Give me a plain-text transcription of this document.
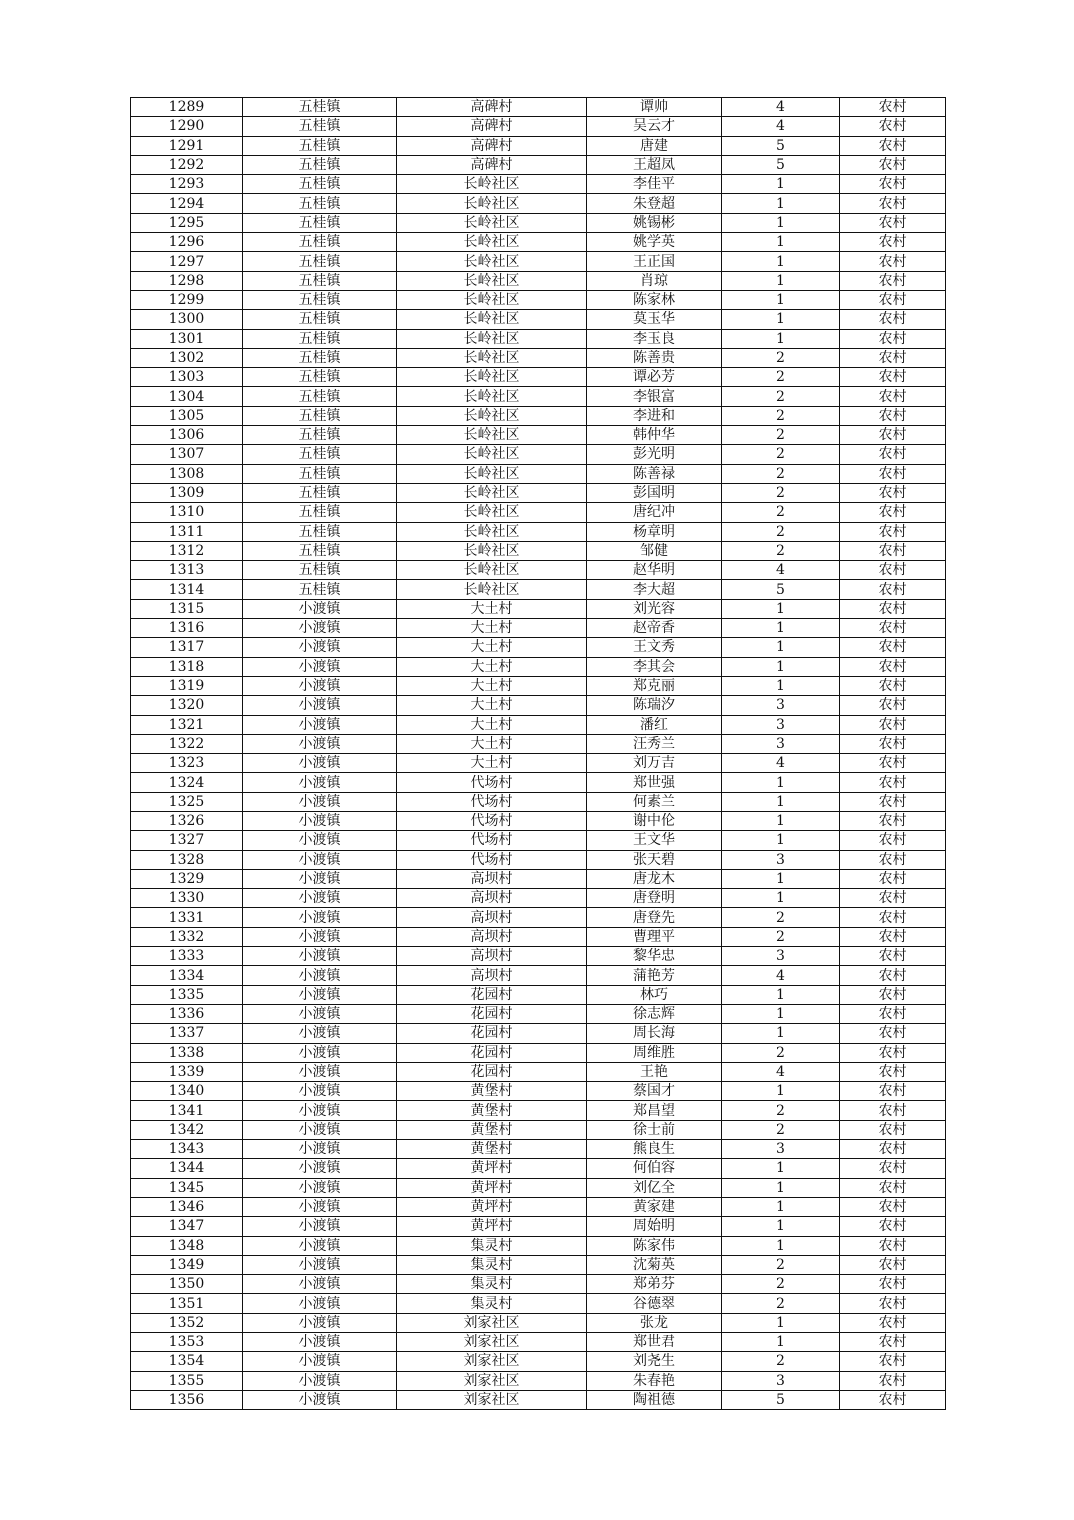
1289	五桂镇	高碑村	谭帅	4	农村
1290	五桂镇	高碑村	吴云才	4	农村
1291	五桂镇	高碑村	唐建	5	农村
1292	五桂镇	高碑村	王超凤	5	农村
1293	五桂镇	长岭社区	李佳平	1	农村
1294	五桂镇	长岭社区	朱登超	1	农村
1295	五桂镇	长岭社区	姚锡彬	1	农村
1296	五桂镇	长岭社区	姚学英	1	农村
1297	五桂镇	长岭社区	王正国	1	农村
1298	五桂镇	长岭社区	肖琼	1	农村
1299	五桂镇	长岭社区	陈家林	1	农村
1300	五桂镇	长岭社区	莫玉华	1	农村
1301	五桂镇	长岭社区	李玉良	1	农村
1302	五桂镇	长岭社区	陈善贵	2	农村
1303	五桂镇	长岭社区	谭必芳	2	农村
1304	五桂镇	长岭社区	李银富	2	农村
1305	五桂镇	长岭社区	李进和	2	农村
1306	五桂镇	长岭社区	韩仲华	2	农村
1307	五桂镇	长岭社区	彭光明	2	农村
1308	五桂镇	长岭社区	陈善禄	2	农村
1309	五桂镇	长岭社区	彭国明	2	农村
1310	五桂镇	长岭社区	唐纪冲	2	农村
1311	五桂镇	长岭社区	杨章明	2	农村
1312	五桂镇	长岭社区	邹健	2	农村
1313	五桂镇	长岭社区	赵华明	4	农村
1314	五桂镇	长岭社区	李大超	5	农村
1315	小渡镇	大土村	刘光容	1	农村
1316	小渡镇	大土村	赵帝香	1	农村
1317	小渡镇	大土村	王文秀	1	农村
1318	小渡镇	大土村	李其会	1	农村
1319	小渡镇	大土村	郑克丽	1	农村
1320	小渡镇	大土村	陈瑞汐	3	农村
1321	小渡镇	大土村	潘红	3	农村
1322	小渡镇	大土村	汪秀兰	3	农村
1323	小渡镇	大土村	刘万吉	4	农村
1324	小渡镇	代场村	郑世强	1	农村
1325	小渡镇	代场村	何素兰	1	农村
1326	小渡镇	代场村	谢中伦	1	农村
1327	小渡镇	代场村	王文华	1	农村
1328	小渡镇	代场村	张天碧	3	农村
1329	小渡镇	高坝村	唐龙木	1	农村
1330	小渡镇	高坝村	唐登明	1	农村
1331	小渡镇	高坝村	唐登先	2	农村
1332	小渡镇	高坝村	曹理平	2	农村
1333	小渡镇	高坝村	黎华忠	3	农村
1334	小渡镇	高坝村	蒲艳芳	4	农村
1335	小渡镇	花园村	林巧	1	农村
1336	小渡镇	花园村	徐志辉	1	农村
1337	小渡镇	花园村	周长海	1	农村
1338	小渡镇	花园村	周维胜	2	农村
1339	小渡镇	花园村	王艳	4	农村
1340	小渡镇	黄堡村	蔡国才	1	农村
1341	小渡镇	黄堡村	郑昌望	2	农村
1342	小渡镇	黄堡村	徐士前	2	农村
1343	小渡镇	黄堡村	熊良生	3	农村
1344	小渡镇	黄坪村	何伯容	1	农村
1345	小渡镇	黄坪村	刘亿全	1	农村
1346	小渡镇	黄坪村	黄家建	1	农村
1347	小渡镇	黄坪村	周始明	1	农村
1348	小渡镇	集灵村	陈家伟	1	农村
1349	小渡镇	集灵村	沈菊英	2	农村
1350	小渡镇	集灵村	郑弟芬	2	农村
1351	小渡镇	集灵村	谷德翠	2	农村
1352	小渡镇	刘家社区	张龙	1	农村
1353	小渡镇	刘家社区	郑世君	1	农村
1354	小渡镇	刘家社区	刘尧生	2	农村
1355	小渡镇	刘家社区	朱春艳	3	农村
1356	小渡镇	刘家社区	陶祖德	5	农村
